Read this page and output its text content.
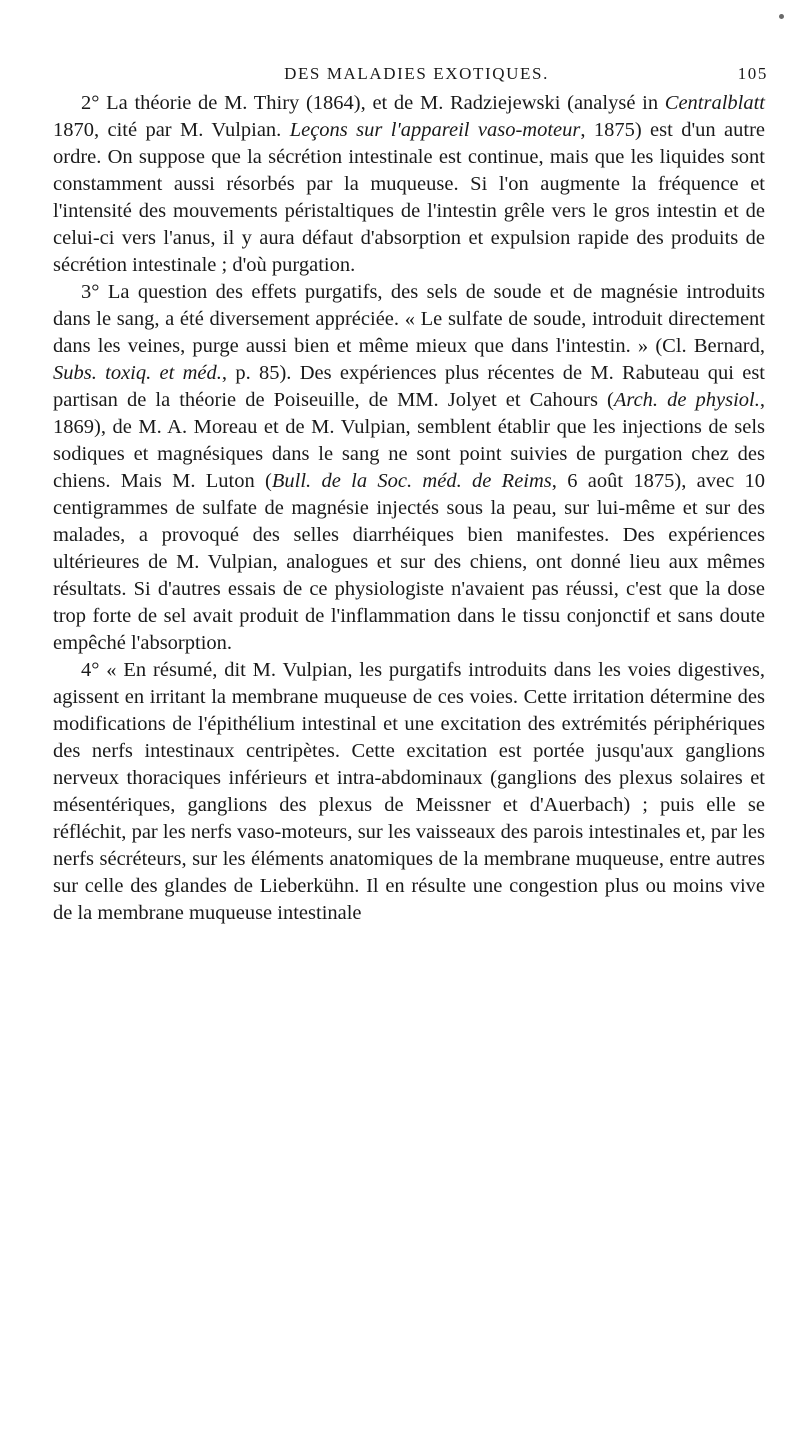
DES MALADIES EXOTIQUES.	105

2° La théorie de M. Thiry (1864), et de M. Radziejewski (analysé in Centralblatt 1870, cité par M. Vulpian. Leçons sur l'appareil vaso-moteur, 1875) est d'un autre ordre. On suppose que la sécrétion intestinale est continue, mais que les liquides sont constamment aussi résorbés par la muqueuse. Si l'on augmente la fréquence et l'intensité des mouvements péristaltiques de l'intestin grêle vers le gros intestin et de celui-ci vers l'anus, il y aura défaut d'absorption et expulsion rapide des produits de sécrétion intestinale ; d'où purgation.

3° La question des effets purgatifs, des sels de soude et de magnésie introduits dans le sang, a été diversement appréciée. « Le sulfate de soude, introduit directement dans les veines, purge aussi bien et même mieux que dans l'intestin. » (Cl. Bernard, Subs. toxiq. et méd., p. 85). Des expériences plus récentes de M. Rabuteau qui est partisan de la théorie de Poiseuille, de MM. Jolyet et Cahours (Arch. de physiol., 1869), de M. A. Moreau et de M. Vulpian, semblent établir que les injections de sels sodiques et magnésiques dans le sang ne sont point suivies de purgation chez des chiens. Mais M. Luton (Bull. de la Soc. méd. de Reims, 6 août 1875), avec 10 centigrammes de sulfate de magnésie injectés sous la peau, sur lui-même et sur des malades, a provoqué des selles diarrhéiques bien manifestes. Des expériences ultérieures de M. Vulpian, analogues et sur des chiens, ont donné lieu aux mêmes résultats. Si d'autres essais de ce physiologiste n'avaient pas réussi, c'est que la dose trop forte de sel avait produit de l'inflammation dans le tissu conjonctif et sans doute empêché l'absorption.

4° « En résumé, dit M. Vulpian, les purgatifs introduits dans les voies digestives, agissent en irritant la membrane muqueuse de ces voies. Cette irritation détermine des modifications de l'épithélium intestinal et une excitation des extrémités périphériques des nerfs intestinaux centripètes. Cette excitation est portée jusqu'aux ganglions nerveux thoraciques inférieurs et intra-abdominaux (ganglions des plexus solaires et mésentériques, ganglions des plexus de Meissner et d'Auerbach) ; puis elle se réfléchit, par les nerfs vaso-moteurs, sur les vaisseaux des parois intestinales et, par les nerfs sécréteurs, sur les éléments anatomiques de la membrane muqueuse, entre autres sur celle des glandes de Lieberkühn. Il en résulte une congestion plus ou moins vive de la membrane muqueuse intestinale
